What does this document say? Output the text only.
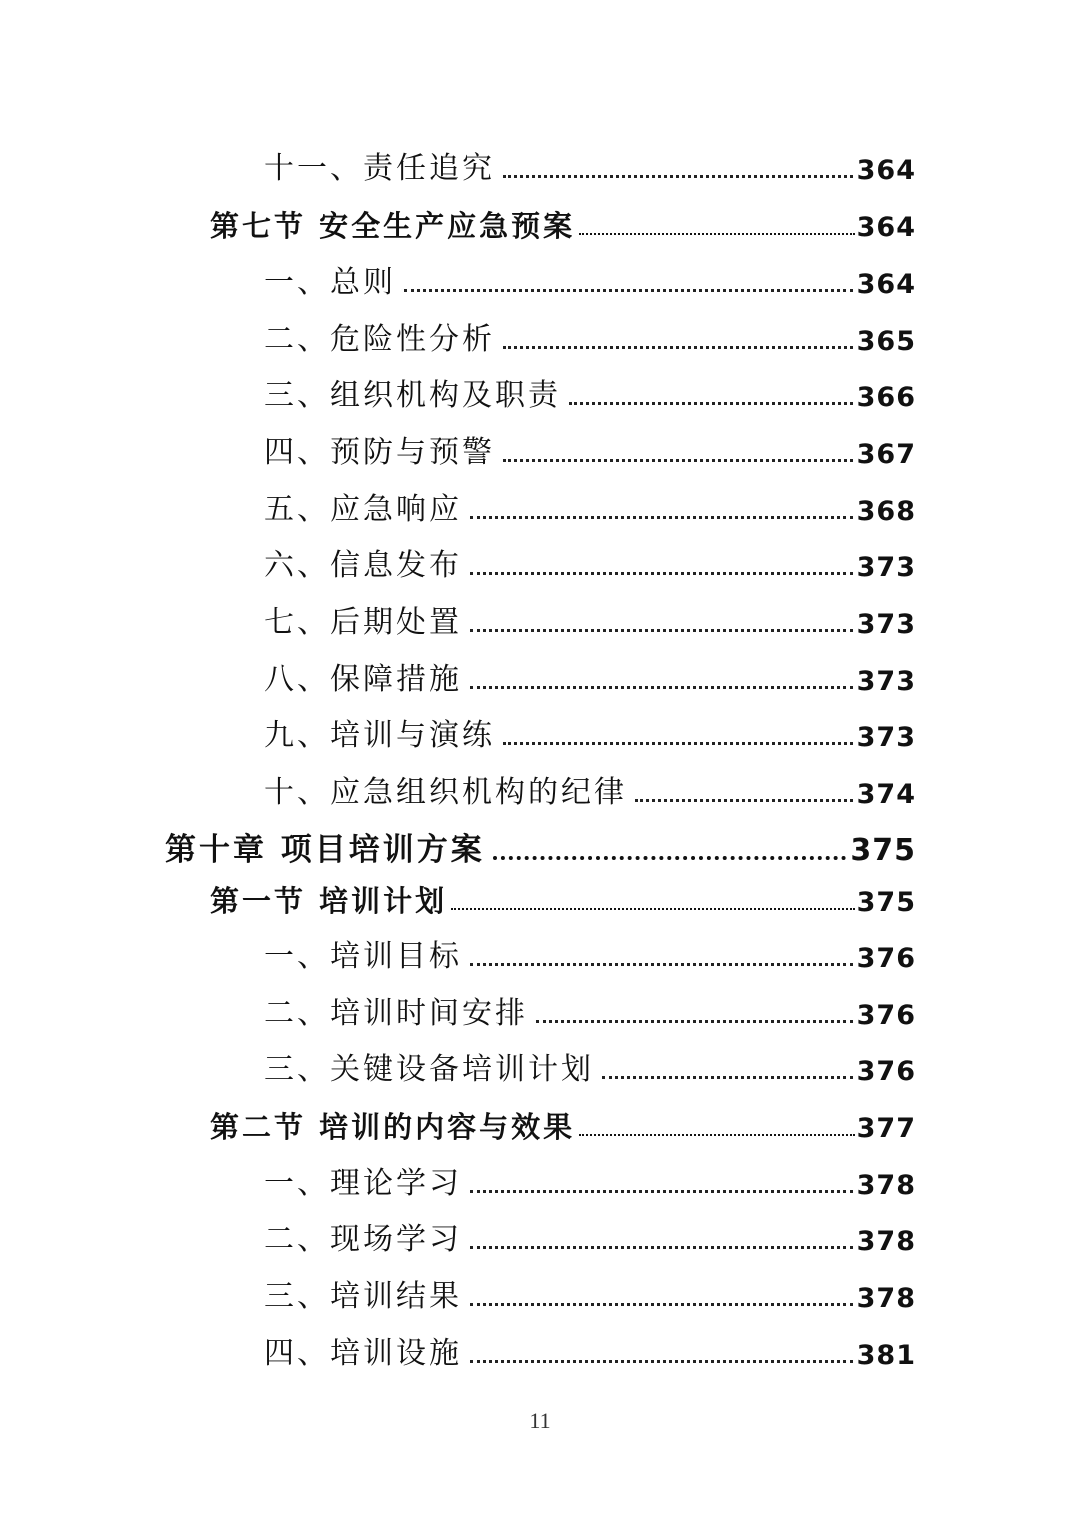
十一、责任追究	364
第七节 安全生产应急预案	364
一、总则	364
二、危险性分析	365
三、组织机构及职责	366
四、预防与预警	367
五、应急响应	368
六、信息发布	373
七、后期处置	373
八、保障措施	373
九、培训与演练	373
十、应急组织机构的纪律	374
第十章 项目培训方案	375
第一节 培训计划	375
一、培训目标	376
二、培训时间安排	376
三、关键设备培训计划	376
第二节 培训的内容与效果	377
一、理论学习	378
二、现场学习	378
三、培训结果	378
四、培训设施	381
11
